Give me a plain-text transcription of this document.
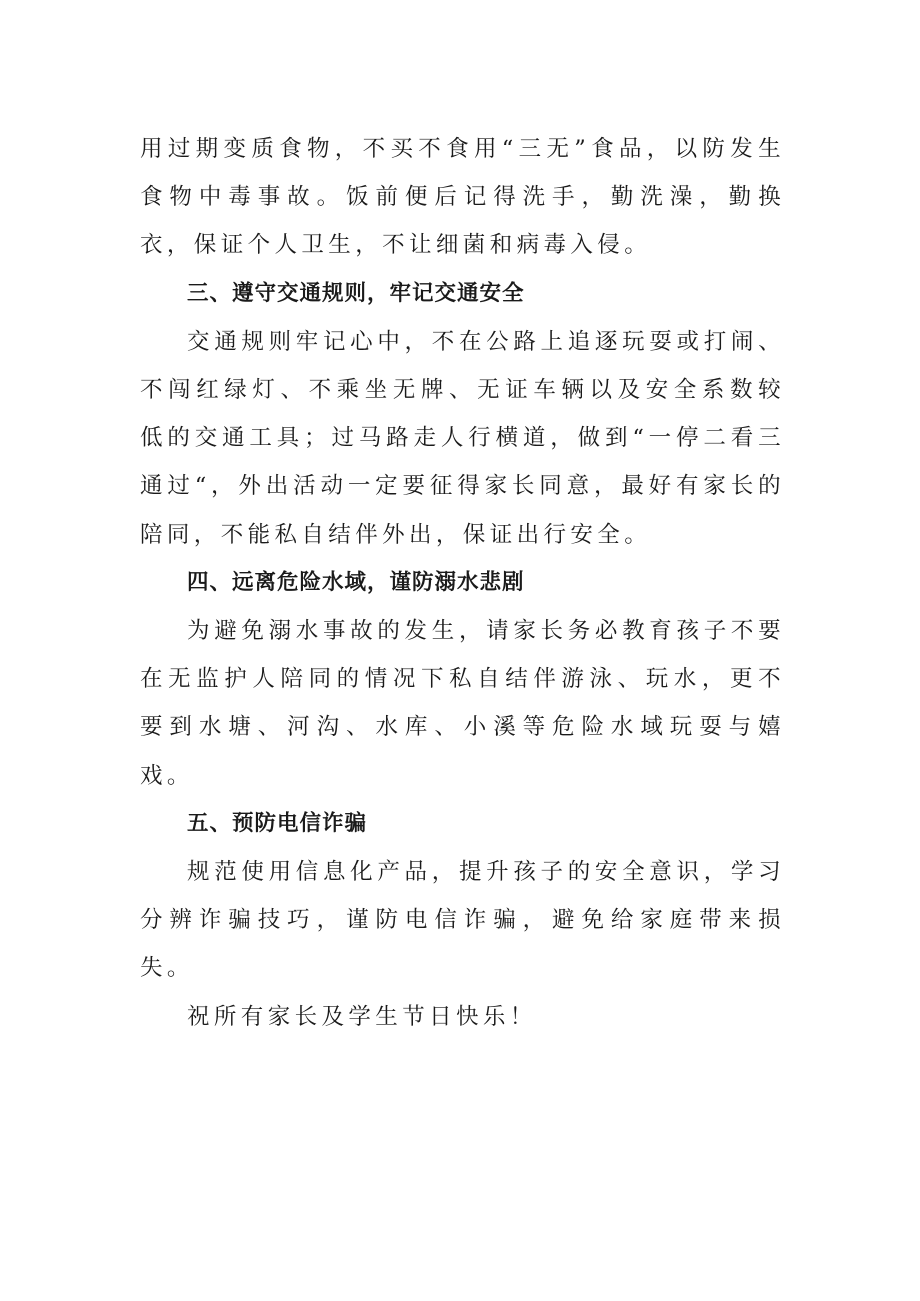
用过期变质食物，不买不食用“三无”食品，以防发生食物中毒事故。饭前便后记得洗手，勤洗澡，勤换衣，保证个人卫生，不让细菌和病毒入侵。

三、遵守交通规则，牢记交通安全

交通规则牢记心中，不在公路上追逐玩耍或打闹、不闯红绿灯、不乘坐无牌、无证车辆以及安全系数较低的交通工具；过马路走人行横道，做到“一停二看三通过“，外出活动一定要征得家长同意，最好有家长的陪同，不能私自结伴外出，保证出行安全。

四、远离危险水域，谨防溺水悲剧

为避免溺水事故的发生，请家长务必教育孩子不要在无监护人陪同的情况下私自结伴游泳、玩水，更不要到水塘、河沟、水库、小溪等危险水域玩耍与嬉戏。

五、预防电信诈骗

规范使用信息化产品，提升孩子的安全意识，学习分辨诈骗技巧，谨防电信诈骗，避免给家庭带来损失。

祝所有家长及学生节日快乐！
